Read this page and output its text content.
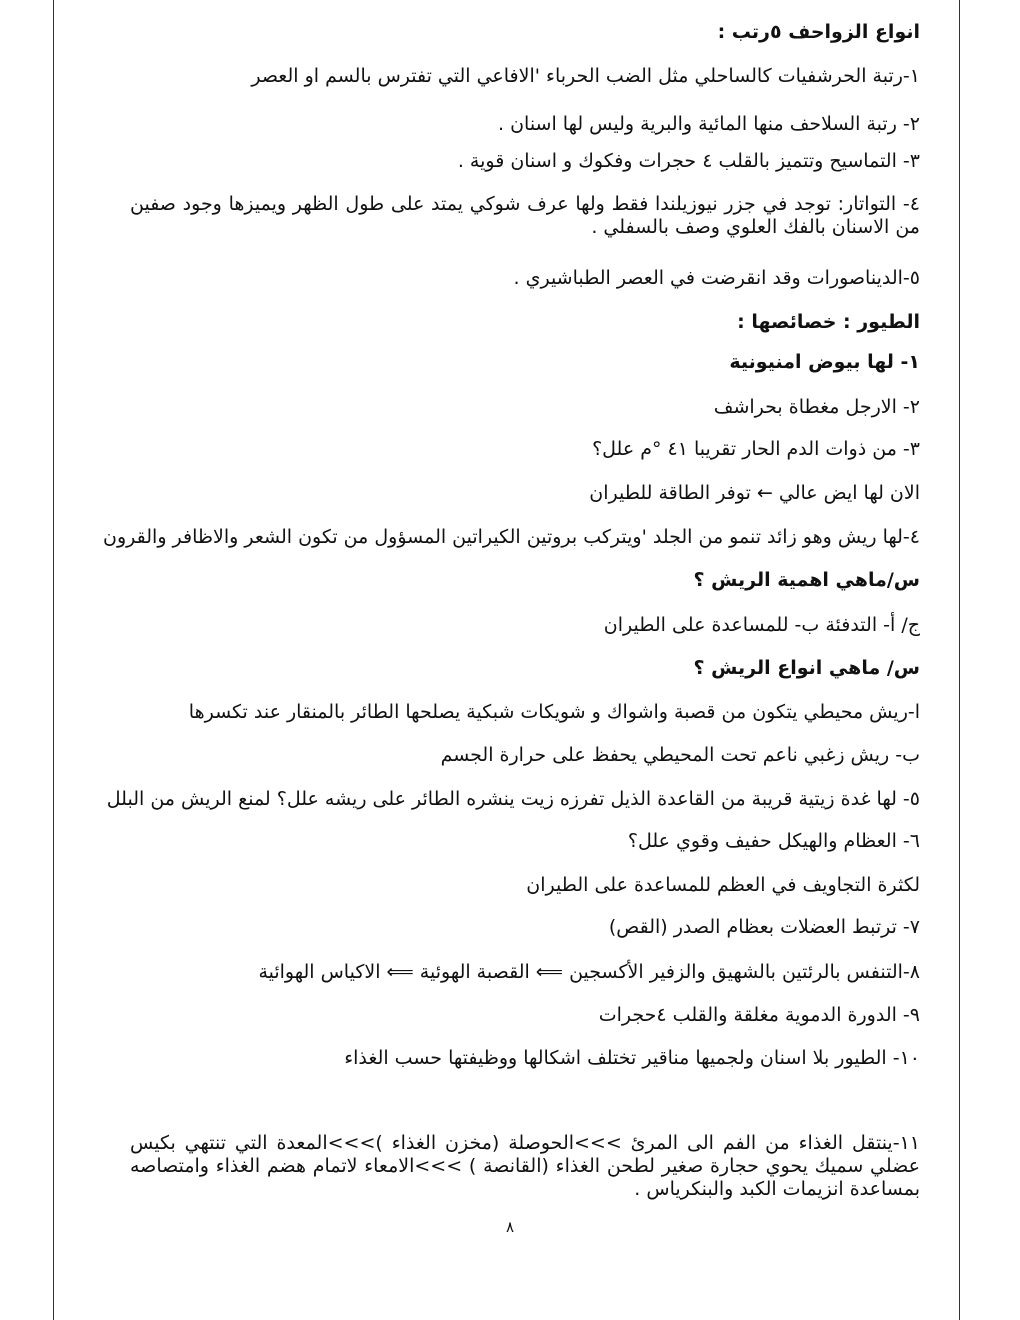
انواع الزواحف ٥رتب :
١-رتبة الحرشفيات كالساحلي مثل الضب الحرباء 'الافاعي التي تفترس بالسم او العصر
٢- رتبة السلاحف منها المائية والبرية وليس لها اسنان .
٣- التماسيح وتتميز بالقلب ٤ حجرات وفكوك و اسنان قوية .
٤- التواتار: توجد في جزر نيوزيلندا فقط ولها عرف شوكي يمتد على طول الظهر ويميزها وجود صفين من الاسنان بالفك العلوي وصف بالسفلي .
٥-الديناصورات وقد انقرضت في العصر الطباشيري .
الطيور : خصائصها :
١- لها بيوض امنيونية
٢- الارجل مغطاة بحراشف
٣- من ذوات الدم الحار تقريبا ٤١ °م علل؟
الان لها ايض عالي ← توفر الطاقة للطيران
٤-لها ريش وهو زائد تنمو من الجلد 'ويتركب بروتين الكيراتين المسؤول من تكون الشعر والاظافر والقرون
س/ماهي اهمية الريش ؟
ج/ أ- التدفئة ب- للمساعدة على الطيران
س/ ماهي انواع الريش ؟
ا-ريش محيطي يتكون من قصبة واشواك و شويكات شبكية يصلحها الطائر بالمنقار عند تكسرها
ب- ريش زغبي ناعم تحت المحيطي يحفظ على حرارة الجسم
٥- لها غدة زيتية قريبة من القاعدة الذيل تفرزه زيت ينشره الطائر على ريشه علل؟ لمنع الريش من البلل
٦- العظام والهيكل حفيف وقوي علل؟
لكثرة التجاويف في العظم للمساعدة على الطيران
٧- ترتبط العضلات بعظام الصدر (القص)
٨-التنفس بالرئتين بالشهيق والزفير الأكسجين ⟸ القصبة الهوئية ⟸ الاكياس الهوائية
٩- الدورة الدموية مغلقة والقلب ٤حجرات
١٠- الطيور بلا اسنان ولجميها مناقير تختلف اشكالها ووظيفتها حسب الغذاء
١١-ينتقل الغذاء من الفم الى المرئ >>>الحوصلة (مخزن الغذاء )>>>المعدة التي تنتهي بكيس عضلي سميك يحوي حجارة صغير لطحن الغذاء (القانصة ) >>>الامعاء لاتمام هضم الغذاء وامتصاصه بمساعدة انزيمات الكبد والبنكرياس .
٨
